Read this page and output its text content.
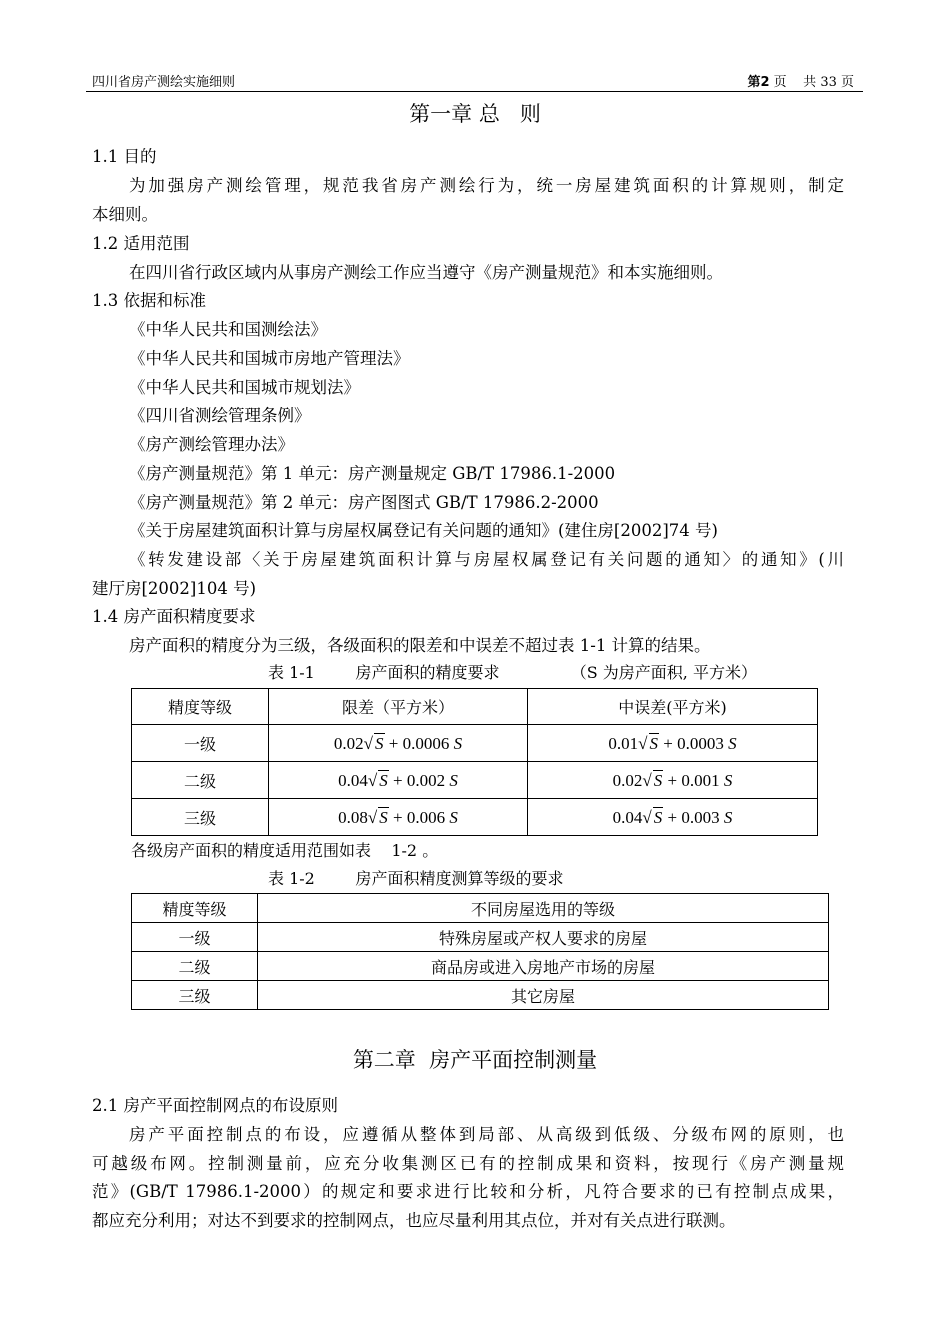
四川省房产测绘实施细则	第2 页    共 33 页
第一章 总   则
1.1 目的
为加强房产测绘管理，规范我省房产测绘行为，统一房屋建筑面积的计算规则，制定
本细则。
1.2 适用范围
在四川省行政区域内从事房产测绘工作应当遵守《房产测量规范》和本实施细则。
1.3 依据和标准
《中华人民共和国测绘法》
《中华人民共和国城市房地产管理法》
《中华人民共和国城市规划法》
《四川省测绘管理条例》
《房产测绘管理办法》
《房产测量规范》第 1 单元：房产测量规定 GB/T 17986.1-2000
《房产测量规范》第 2 单元：房产图图式 GB/T 17986.2-2000
《关于房屋建筑面积计算与房屋权属登记有关问题的通知》(建住房[2002]74 号)
《转发建设部〈关于房屋建筑面积计算与房屋权属登记有关问题的通知〉的通知》(川
建厅房[2002]104 号)
1.4 房产面积精度要求
房产面积的精度分为三级，各级面积的限差和中误差不超过表 1-1 计算的结果。
表 1-1        房产面积的精度要求              （S 为房产面积, 平方米）
精度等级	限差（平方米）	中误差(平方米)
一级	0.02√ S + 0.0006 S	0.01√ S + 0.0003 S
二级	0.04√ S + 0.002 S	0.02√ S + 0.001 S
三级	0.08√ S + 0.006 S	0.04√ S + 0.003 S
各级房产面积的精度适用范围如表    1-2 。
表 1-2        房产面积精度测算等级的要求
精度等级	不同房屋选用的等级
一级	特殊房屋或产权人要求的房屋
二级	商品房或进入房地产市场的房屋
三级	其它房屋
第二章  房产平面控制测量
2.1 房产平面控制网点的布设原则
房产平面控制点的布设，应遵循从整体到局部、从高级到低级、分级布网的原则，也
可越级布网。控制测量前，应充分收集测区已有的控制成果和资料，按现行《房产测量规
范》(GB/T 17986.1-2000）的规定和要求进行比较和分析，凡符合要求的已有控制点成果，
都应充分利用；对达不到要求的控制网点，也应尽量利用其点位，并对有关点进行联测。
